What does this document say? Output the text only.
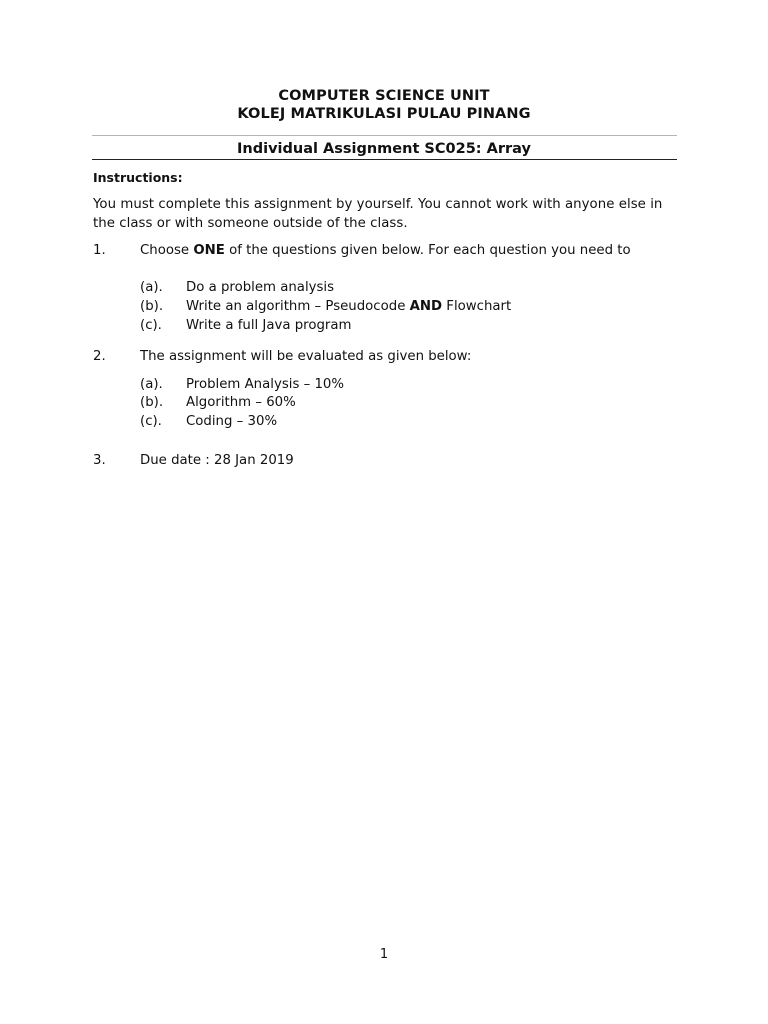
COMPUTER SCIENCE UNIT
KOLEJ MATRIKULASI PULAU PINANG
Individual Assignment SC025: Array
Instructions:
You must complete this assignment by yourself. You cannot work with anyone else in the class or with someone outside of the class.
1.	Choose ONE of the questions given below. For each question you need to
(a). Do a problem analysis
(b). Write an algorithm – Pseudocode AND Flowchart
(c). Write a full Java program
2.	The assignment will be evaluated as given below:
(a). Problem Analysis – 10%
(b). Algorithm – 60%
(c). Coding – 30%
3.	Due date : 28 Jan 2019
1
